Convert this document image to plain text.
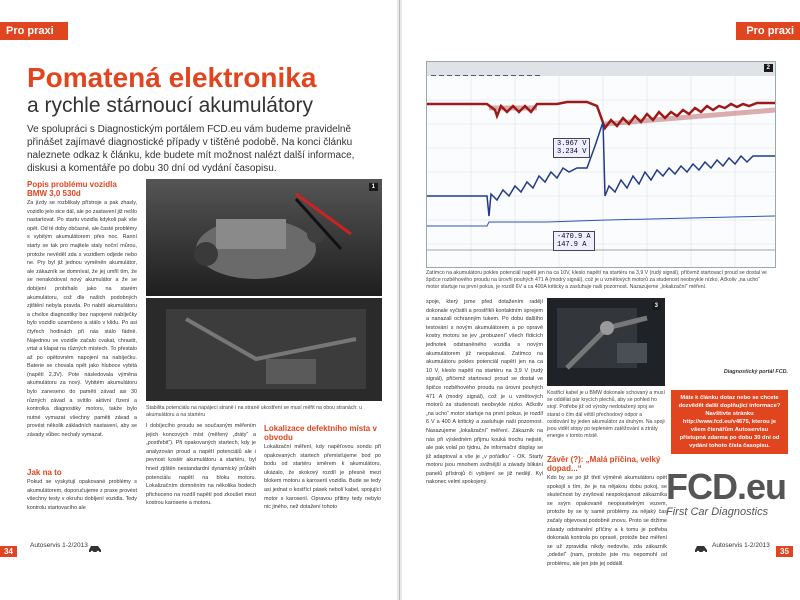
Pro praxi
Pomatená elektronika
a rychle stárnoucí akumulátory
Ve spolupráci s Diagnostickým portálem FCD.eu vám budeme pravidelně přinášet zajímavé diagnostické případy v tištěné podobě. Na konci článku naleznete odkaz k článku, kde budete mít možnost nalézt další informace, diskusi a komentáře po dobu 30 dní od vydání časopisu.
Popis problému vozidla BMW 3,0 530d
Za jízdy se rozblikaly přístroje a pak zhasly, vozidlo jelo sice dál, ale po zastavení již nešlo nastartovat. Po startu vozidla kdykoli pak vše opět. Od té doby občasné, ale časté problémy s vybitým akumulátorem přes noc. Ranní starty se tak pro majitele staly noční můrou, protože nevěděl zda s vozidlem odjede nebo ne. Pry byl již jednou vyměněn akumulátor, ale zákazník se domníval, že jej umřil tím, že se nenakódoval nový akumulátor a že se dobíjení probíhalo jako na starém akumulátoru, což dle našich podobných zjištění nebyla pravda. Po nabití akumulátoru a chvilce diagnostiky bez napojené nabíječky bylo vozidlo uzamčeno a stálo v klidu. Po asi čtyřech hodinách při nás stálo řádně. Najednou ve vozidle začalo cvakat, chrastit, vrtat a klapat na různých místech. To přestalo až po opětovném napojení na nabíječku. Baterie se chovala opět jako hluboce vybitá (napětí 2,3V). Pote následovala výměna akumulátoru za nový. Vybitém akumulátoru bylo zaneseno do paměti závad asi 30 různých závad a svítilo aktivní řízení a kontrolka diagnostiky motoru, takže bylo nutné vymazat všechny paměti závad a provést několik základních nastavení, aby se závady vůbec nechaly vymazat.
Jak na to
Pokud se vyskytují opakované problémy s akumulátorem, doporučujeme z praxe provést všechny testy v okruhu dobíjení vozidla. Tedy kontrolu startovacího ale
1
Stabilita potenciálu na napájecí straně i na straně ukostření se musí měřit na obou stranách: u akumulátoru a na startéru
I dobíjecího proudu se současným měřením jejich koncových míst (měřený „dráty“ a „postřebit“). Při opakovaných startech, kdy je analyzován proud a napětí potenciálů ale i pevnost kostér akumulátoru a startéru, byl hned zjištěn nestandardní dynamický průběh potenciálu napětí na bloku motoru. Lokalizačním domněním na několika bodech přichuceno na rozdíl napětí pod zkoušet mezi kostrou karoserie a motoru.
Lokalizace defektního místa v obvodu
Lokalizační měření, kdy napěťovou sondu při opakovaných startech přemisťujeme bod po bodu od startéru směrem k akumulátoru, ukázalo, že skokový rozdíl je přesně mezi blokem motoru a karoserií vozidla. Bude se tedy asi jednat o kostřící pásek nebolí kabel, spojující motor s karoserií. Opravou přitiny tedy nebylo nic jiného, než dotažení tohoto
34
Autoservis 1-2/2013
Pro praxi
3.967 V
3.234 V
-470.9 A
147.9 A
2
Zatímco na akumulátoru pokles potenciál napětí jen na ca 10V, kleslo napětí na startéru na 3,9 V (rudý signál), přičemž startovací proud se dostal ve špičce rozběhového proudu na úrovňi pouhých 471 A (modrý signál), což je u vznětových motorů za studenost neobvykle nízko. Ačkoliv „na ucho“ motor startuje na první pokus, je rozdíl 6V a ca 400A kriticky a zasluhuje naši pozornost. Nazazujeme „lokalizační“ měření.
spoje, který jsme před dotažením radějí dokonale vyčistili a prostříkli kontaktním sprejem a nanazali ochranným tukem. Po dobu dalšího testování s novým akumulátorem a po opravě kostry motoru se jev „probuzení“ všech řídicích jednotek odstraněného vozidla s novým akumulátorem již neopakoval. Zatímco na akumulátoru pokles potenciál napětí jen na ca 10 V, kleslo napětí na startéru na 3,9 V (rudý signál), přičemž startovací proud se dostal ve špičce rozběhového proudu na úrovni pouhých 471 A (modrý signál), což je u vznětových motorů za studenosti neobvykle nízko. Ačkoliv „na ucho“ motor startuje na první pokus, je rozdíl 6 V a 400 A kritický a zasluhuje naši pozornost. Nasazujeme „lokalizační“ měření. Zákazník na nás při výsledném přijmu kouká trochu nejistě, ale pak volal po týdnu, že informační display se již adaptoval a vše je „v pořádku“ - OK. Starty motoru jsou mnohem svižnější a závady blikání panelů přístrojů či vybíjení se již nedějí. Kyl nakonec velmi spokojený.
3
Kostřicí kabel je u BMW dokonale schovaný a musí se oddělat pár krycích plechů, aby se pohled ho stojí. Potřebe již od výroby nedotažený spoj se starat o čím dál větší přechodový odpor a oxidování by jeden akumulátor za druhým. Na spoji jsou vidět stopy po tepleném zatěžování a ztráty energie v tomto místě.
Závěr (?): „Malá příčina, velký dopad...“
Kdo by se po již třetí výměně akumulátoru opět spokojil s tím, že je na nějakou dobu pokoj, se skutečnost by zvyšoval nespokojanost zákazníka se svým opakovaně neopravitelným vozem, protože by se ty samé problémy za nějaký čas začaly objevovat podobně znovu. Proto se držíme zásady odstranění příčiny a k tomu je potřeba dokonalá kontrola po opravě, protože bez měření se už zpravidla nikdy nedovíte, zda zákazník „odešel“ (nam, protože jste mu nepomohl od problému, ale jen jste jej oddálil.
Diagnostický portál FCD.
Máte k článku dotaz nebo se chcete dozvědět další doplňující informace? Navštivte stránku http://www.fcd.eu/v4675, kterou je všem čtenářům Autoservisu přístupná zdarma po dobu 30 dní od vydání tohoto čísla časopisu.
FCD.eu
First Car Diagnostics
Autoservis 1-2/2013
35
